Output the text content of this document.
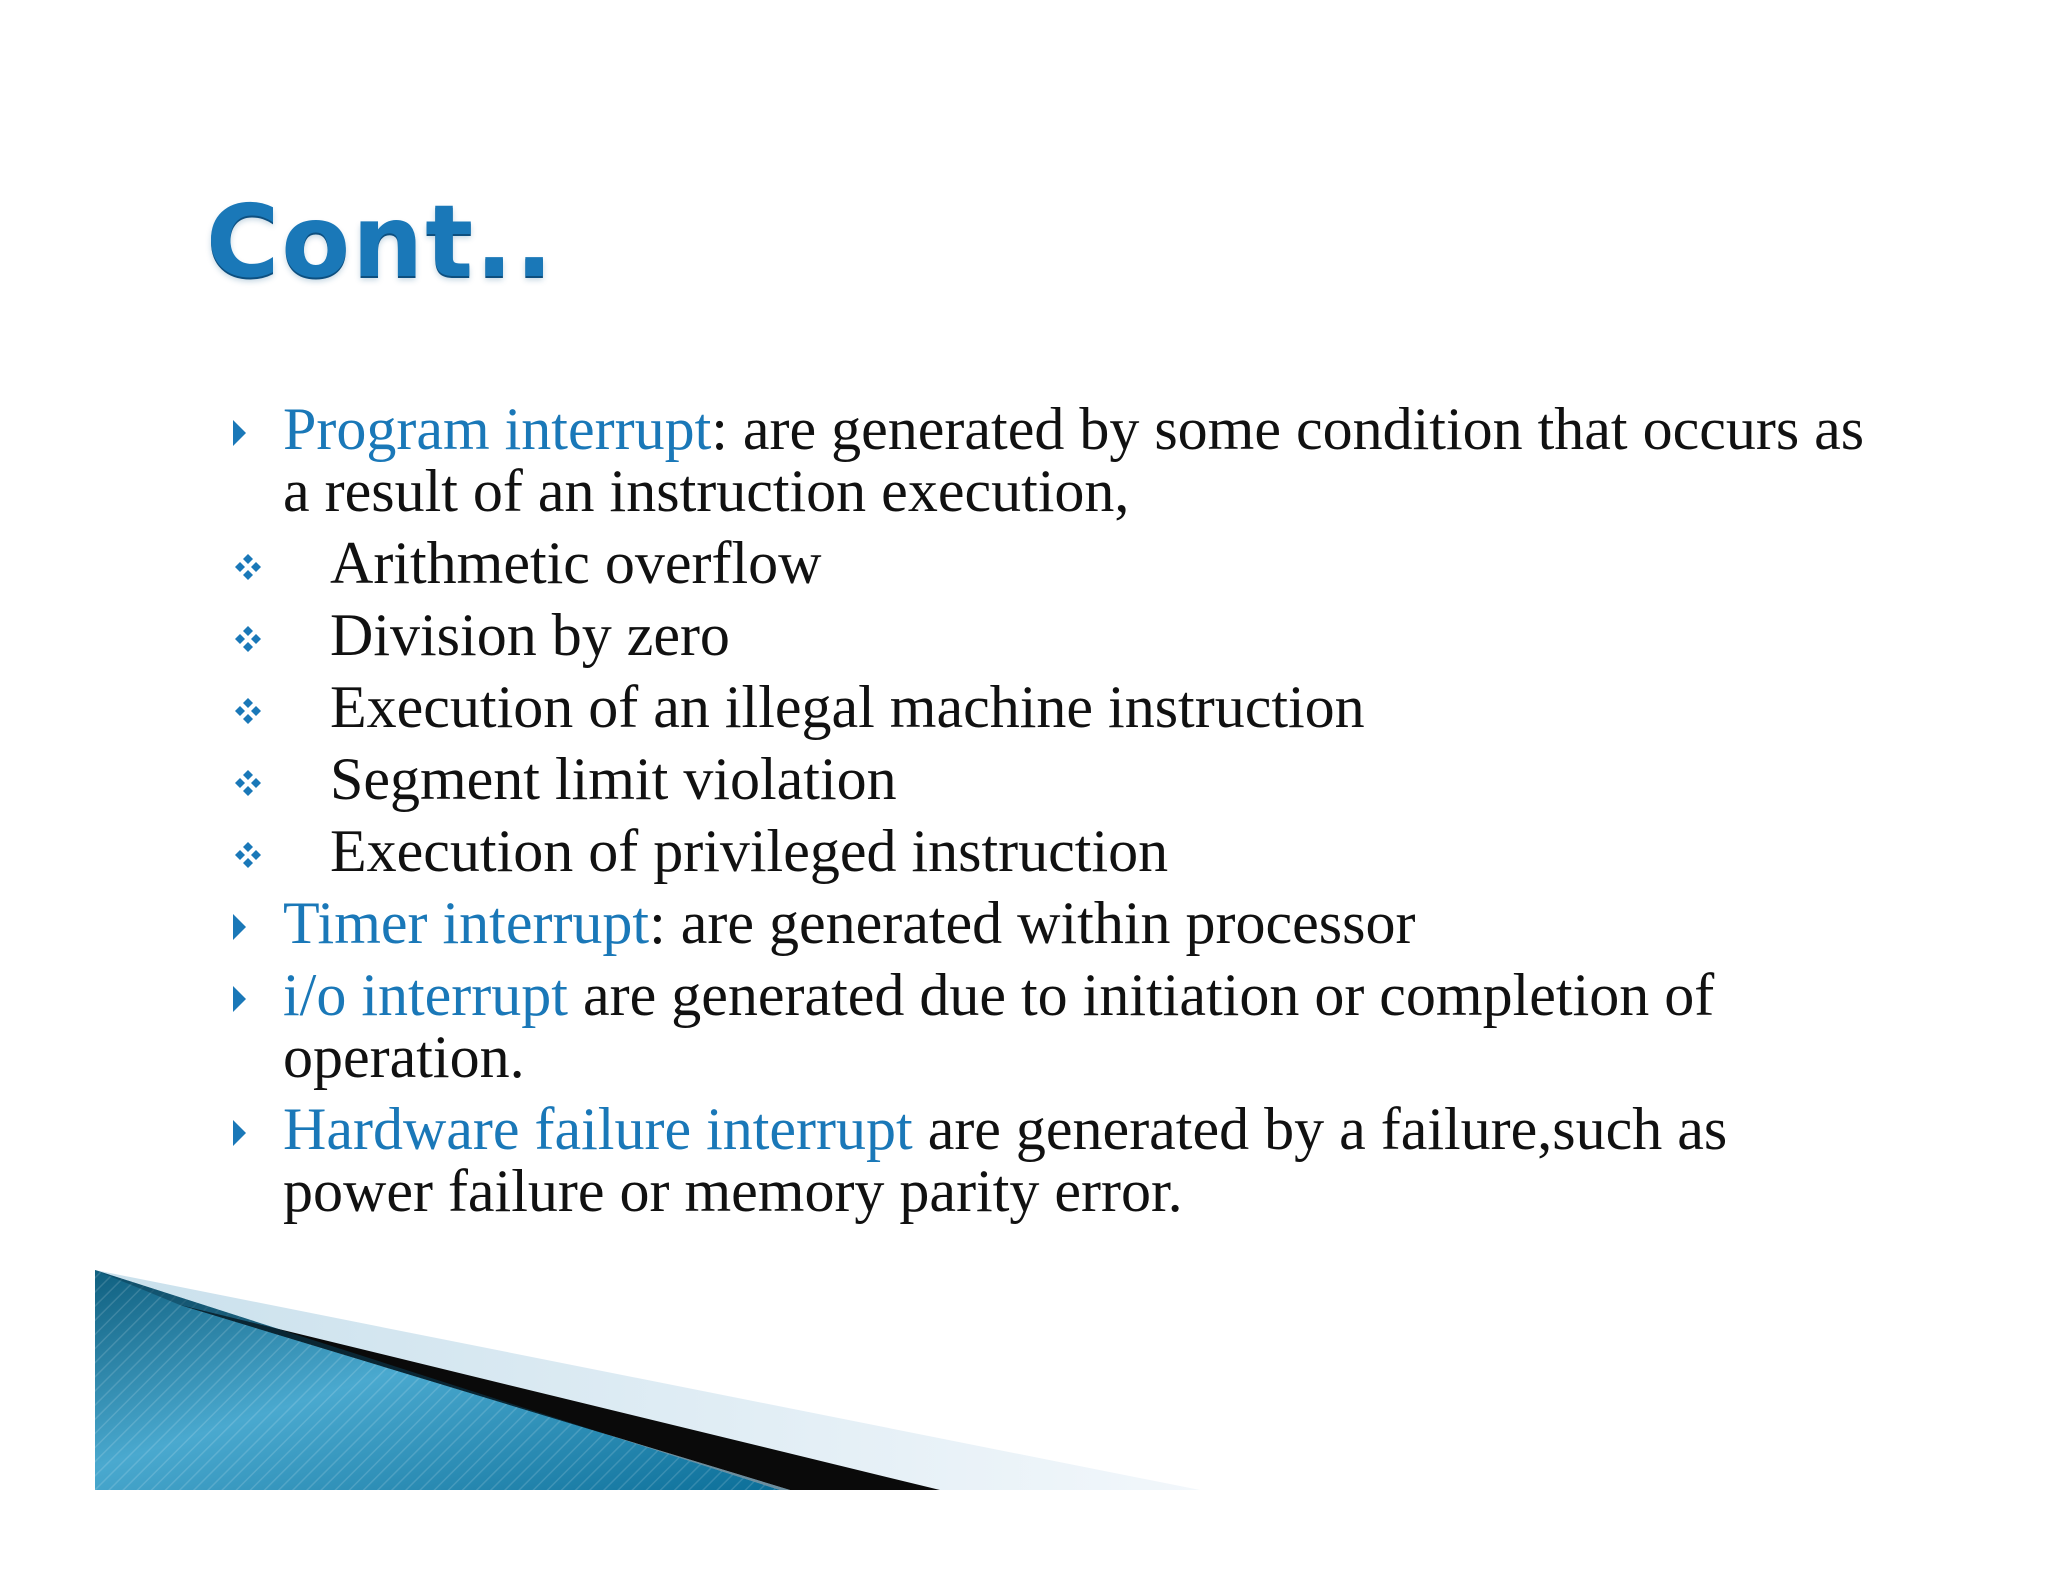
Cont..
Program interrupt: are generated by some condition that occurs as a result of an instruction execution,
Arithmetic overflow
Division by zero
Execution of an illegal machine instruction
Segment limit violation
Execution of privileged instruction
Timer interrupt: are generated within processor
i/o interrupt are generated due to initiation or completion of operation.
Hardware failure interrupt are generated by a failure,such as power failure or memory parity error.
